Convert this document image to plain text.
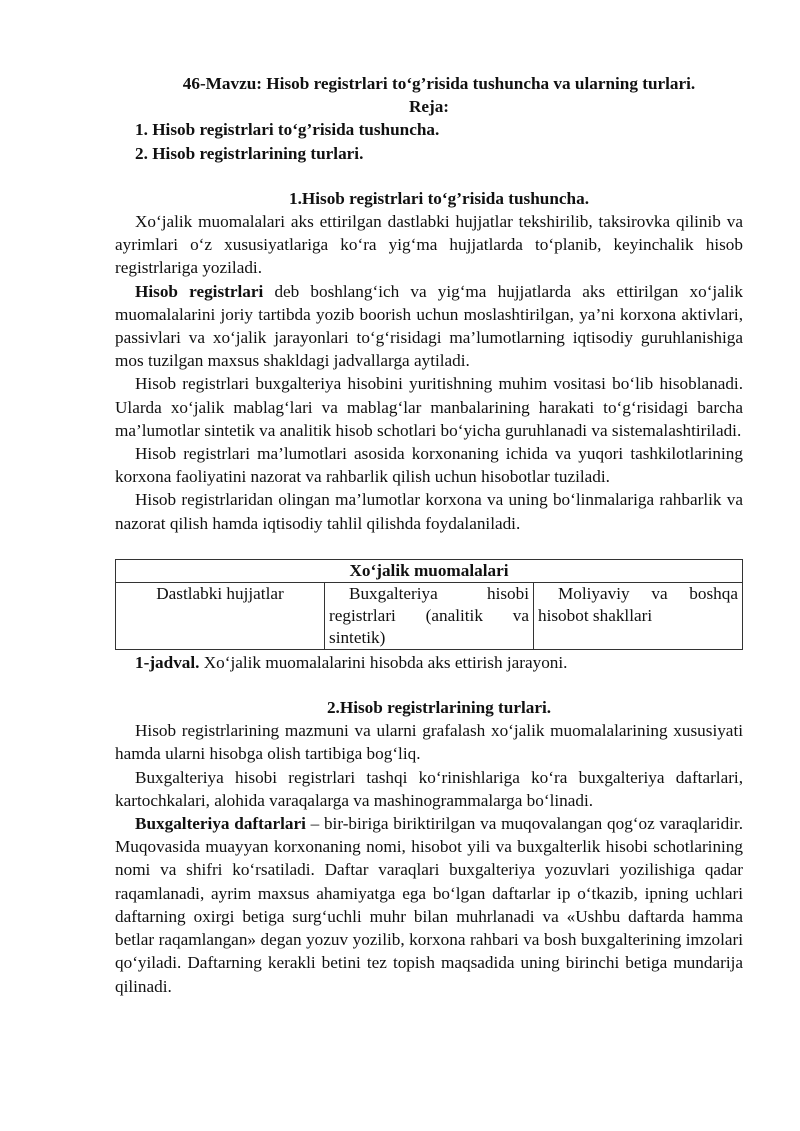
46-Mavzu: Hisob registrlari to‘g’risida tushuncha va ularning turlari.
Reja:
1. Hisob registrlari to‘g’risida tushuncha.
2. Hisob registrlarining turlari.
1.Hisob registrlari to‘g’risida tushuncha.

Xo‘jalik muomalalari aks ettirilgan dastlabki hujjatlar tekshirilib, taksirovka qilinib va ayrimlari o‘z xususiyatlariga ko‘ra yig‘ma hujjatlarda to‘planib, keyinchalik hisob registrlariga yoziladi.

Hisob registrlari deb boshlang‘ich va yig‘ma hujjatlarda aks ettirilgan xo‘jalik muomalalarini joriy tartibda yozib boorish uchun moslashtirilgan, ya’ni korxona aktivlari, passivlari va xo‘jalik jarayonlari to‘g‘risidagi ma’lumotlarning iqtisodiy guruhlanishiga mos tuzilgan maxsus shakldagi jadvallarga aytiladi.

Hisob registrlari buxgalteriya hisobini yuritishning muhim vositasi bo‘lib hisoblanadi. Ularda xo‘jalik mablag‘lari va mablag‘lar manbalarining harakati to‘g‘risidagi barcha ma’lumotlar sintetik va analitik hisob schotlari bo‘yicha guruhlanadi va sistemalashtiriladi.

Hisob registrlari ma’lumotlari asosida korxonaning ichida va yuqori tashkilotlarining korxona faoliyatini nazorat va rahbarlik qilish uchun hisobotlar tuziladi.

Hisob registrlaridan olingan ma’lumotlar korxona va uning bo‘linmalariga rahbarlik va nazorat qilish hamda iqtisodiy tahlil qilishda foydalaniladi.

Xo‘jalik muomalalari
Dastlabki hujjatlar	Buxgalteriya hisobi registrlari (analitik va sintetik)	Moliyaviy va boshqa hisobot shakllari
1-jadval. Xo‘jalik muomalalarini hisobda aks ettirish jarayoni.
2.Hisob registrlarining turlari.

Hisob registrlarining mazmuni va ularni grafalash xo‘jalik muomalalarining xususiyati hamda ularni hisobga olish tartibiga bog‘liq.

Buxgalteriya hisobi registrlari tashqi ko‘rinishlariga ko‘ra buxgalteriya daftarlari, kartochkalari, alohida varaqalarga va mashinogrammalarga bo‘linadi.

Buxgalteriya daftarlari – bir-biriga biriktirilgan va muqovalangan qog‘oz varaqlaridir. Muqovasida muayyan korxonaning nomi, hisobot yili va buxgalterlik hisobi schotlarining nomi va shifri ko‘rsatiladi. Daftar varaqlari buxgalteriya yozuvlari yozilishiga qadar raqamlanadi, ayrim maxsus ahamiyatga ega bo‘lgan daftarlar ip o‘tkazib, ipning uchlari daftarning oxirgi betiga surg‘uchli muhr bilan muhrlanadi va «Ushbu daftarda hamma betlar raqamlangan» degan yozuv yozilib, korxona rahbari va bosh buxgalterining imzolari qo‘yiladi. Daftarning kerakli betini tez topish maqsadida uning birinchi betiga mundarija qilinadi.
